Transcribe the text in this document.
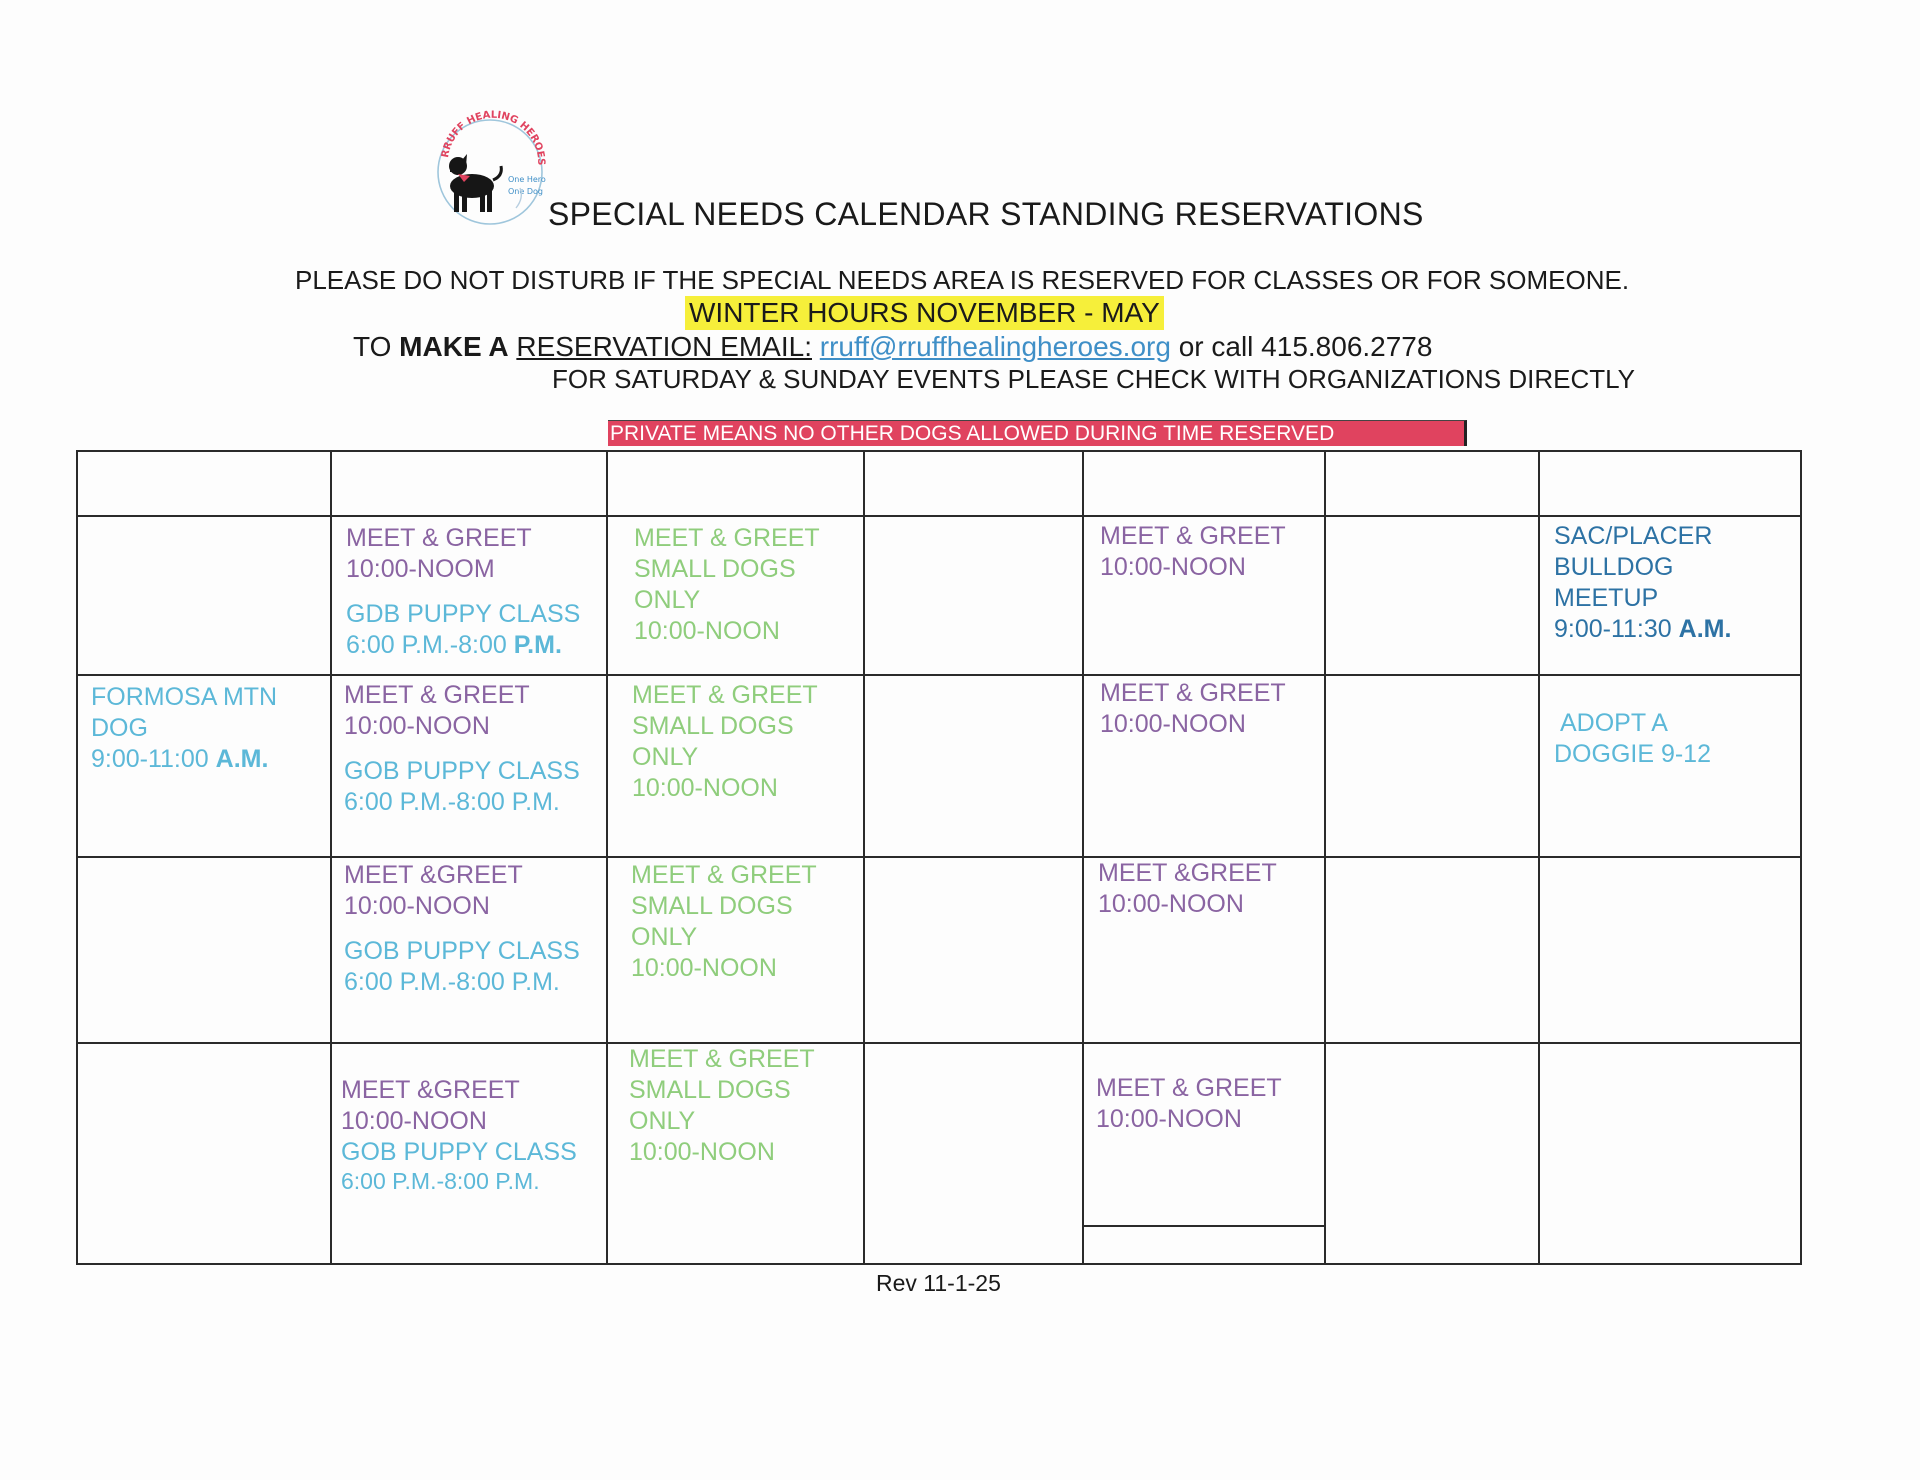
RRUFF HEALING HEROES
One Hero
One Dog
SPECIAL NEEDS CALENDAR STANDING RESERVATIONS
PLEASE DO NOT DISTURB IF THE SPECIAL NEEDS AREA IS RESERVED FOR CLASSES OR FOR SOMEONE.
WINTER HOURS NOVEMBER - MAY
TO MAKE A RESERVATION EMAIL: rruff@rruffhealingheroes.org or call 415.806.2778
FOR SATURDAY & SUNDAY EVENTS PLEASE CHECK WITH ORGANIZATIONS DIRECTLY
PRIVATE MEANS NO OTHER DOGS ALLOWED DURING TIME RESERVED
MEET & GREET
10:00-NOOM
GDB PUPPY CLASS
6:00 P.M.-8:00 P.M.
MEET & GREET
SMALL DOGS
ONLY
10:00-NOON
MEET & GREET
10:00-NOON
SAC/PLACER
BULLDOG
MEETUP
9:00-11:30 A.M.
FORMOSA MTN
DOG
9:00-11:00 A.M.
MEET & GREET
10:00-NOON
GOB PUPPY CLASS
6:00 P.M.-8:00 P.M.
MEET & GREET
SMALL DOGS
ONLY
10:00-NOON
MEET & GREET
10:00-NOON	ADOPT A
DOGGIE 9-12
MEET &GREET
10:00-NOON
GOB PUPPY CLASS
6:00 P.M.-8:00 P.M.
MEET & GREET
SMALL DOGS
ONLY
10:00-NOON
MEET &GREET
10:00-NOON
MEET &GREET
10:00-NOON
GOB PUPPY CLASS
6:00 P.M.-8:00 P.M.
MEET & GREET
SMALL DOGS
ONLY
10:00-NOON
MEET & GREET
10:00-NOON
Rev 11-1-25
